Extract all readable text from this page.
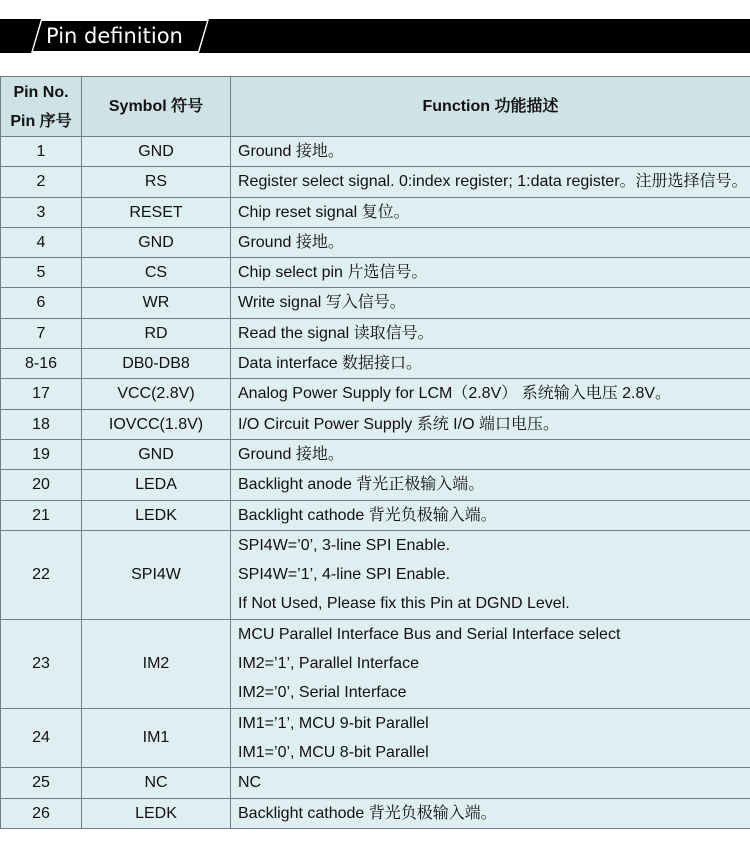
Pin definition
Pin No.
Pin 序号	Symbol 符号	Function 功能描述
1	GND	Ground 接地。

2	RS	Register select signal. 0:index register; 1:data register。注册选择信号。

3	RESET	Chip reset signal 复位。

4	GND	Ground 接地。

5	CS	Chip select pin 片选信号。

6	WR	Write signal 写入信号。

7	RD	Read the signal 读取信号。

8-16	DB0-DB8	Data interface 数据接口。

17	VCC(2.8V)	Analog Power Supply for LCM（2.8V） 系统输入电压 2.8V。

18	IOVCC(1.8V)	I/O Circuit Power Supply 系统 I/O 端口电压。

19	GND	Ground 接地。

20	LEDA	Backlight anode 背光正极输入端。

21	LEDK	Backlight cathode 背光负极输入端。

22	SPI4W	SPI4W=’0’, 3-line SPI Enable.
SPI4W=’1’, 4-line SPI Enable.
If Not Used, Please fix this Pin at DGND Level.

23	IM2	MCU Parallel Interface Bus and Serial Interface select
IM2=’1’, Parallel Interface
IM2=’0’, Serial Interface

24	IM1	IM1=’1’, MCU 9-bit Parallel
IM1=’0’, MCU 8-bit Parallel

25	NC	NC

26	LEDK	Backlight cathode 背光负极输入端。
